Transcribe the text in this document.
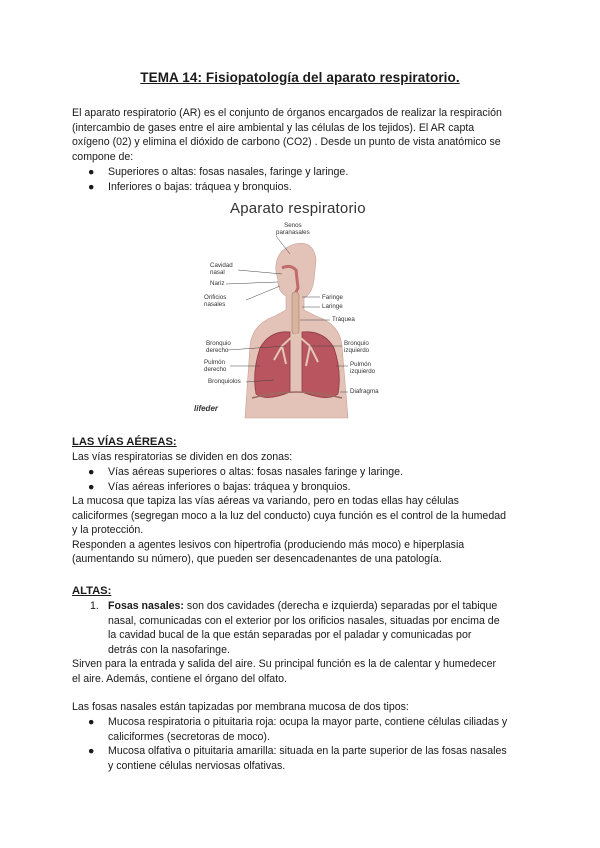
TEMA 14: Fisiopatología del aparato respiratorio.

El aparato respiratorio (AR) es el conjunto de órganos encargados de realizar la respiración
(intercambio de gases entre el aire ambiental y las células de los tejidos). El AR capta
oxígeno (02) y elimina el dióxido de carbono (CO2) . Desde un punto de vista anatómico se
compone de:

● Superiores o altas: fosas nasales, faringe y laringe.
● Inferiores o bajas: tráquea y bronquios.
Aparato respiratorio
Senos
paranasales
Cavidad
nasal
Nariz
Orificios
nasales
Faringe
Laringe
Tráquea
Bronquio
derecho
Bronquio
izquierdo
Pulmón
derecho
Pulmón
izquierdo
Bronquiolos
Diafragma
lifeder
LAS VÍAS AÉREAS:

Las vías respiratorias se dividen en dos zonas:

● Vías aéreas superiores o altas: fosas nasales faringe y laringe.
● Vías aéreas inferiores o bajas: tráquea y bronquios.

La mucosa que tapiza las vías aéreas va variando, pero en todas ellas hay células
caliciformes (segregan moco a la luz del conducto) cuya función es el control de la humedad
y la protección.
Responden a agentes lesivos con hipertrofia (produciendo más moco) e hiperplasia
(aumentando su número), que pueden ser desencadenantes de una patología.

ALTAS:
1. Fosas nasales: son dos cavidades (derecha e izquierda) separadas por el tabique
nasal, comunicadas con el exterior por los orificios nasales, situadas por encima de
la cavidad bucal de la que están separadas por el paladar y comunicadas por
detrás con la nasofaringe.

Sirven para la entrada y salida del aire. Su principal función es la de calentar y humedecer
el aire. Además, contiene el órgano del olfato.

Las fosas nasales están tapizadas por membrana mucosa de dos tipos:

● Mucosa respiratoria o pituitaria roja: ocupa la mayor parte, contiene células ciliadas y
caliciformes (secretoras de moco).
● Mucosa olfativa o pituitaria amarilla: situada en la parte superior de las fosas nasales
y contiene células nerviosas olfativas.
